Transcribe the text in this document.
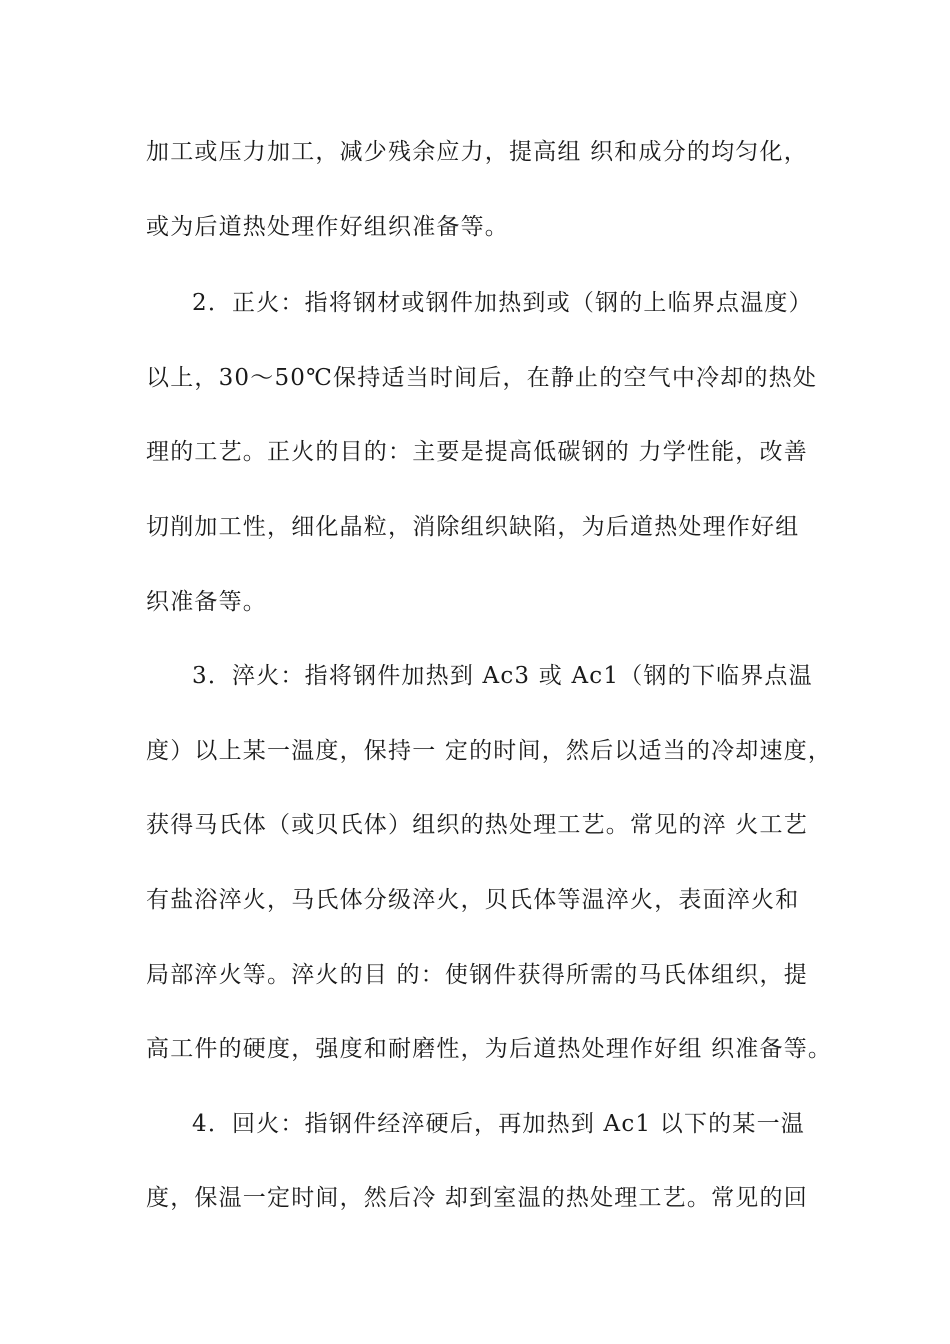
加工或压力加工，减少残余应力，提高组 织和成分的均匀化，
或为后道热处理作好组织准备等。
2．正火：指将钢材或钢件加热到或（钢的上临界点温度）
以上，30～50℃保持适当时间后，在静止的空气中冷却的热处
理的工艺。正火的目的：主要是提高低碳钢的 力学性能，改善
切削加工性，细化晶粒，消除组织缺陷，为后道热处理作好组
织准备等。
3．淬火：指将钢件加热到 Ac3 或 Ac1（钢的下临界点温
度）以上某一温度，保持一 定的时间，然后以适当的冷却速度，
获得马氏体（或贝氏体）组织的热处理工艺。常见的淬 火工艺
有盐浴淬火，马氏体分级淬火，贝氏体等温淬火，表面淬火和
局部淬火等。淬火的目 的：使钢件获得所需的马氏体组织，提
高工件的硬度，强度和耐磨性，为后道热处理作好组 织准备等。
4．回火：指钢件经淬硬后，再加热到 Ac1 以下的某一温
度，保温一定时间，然后冷 却到室温的热处理工艺。常见的回
